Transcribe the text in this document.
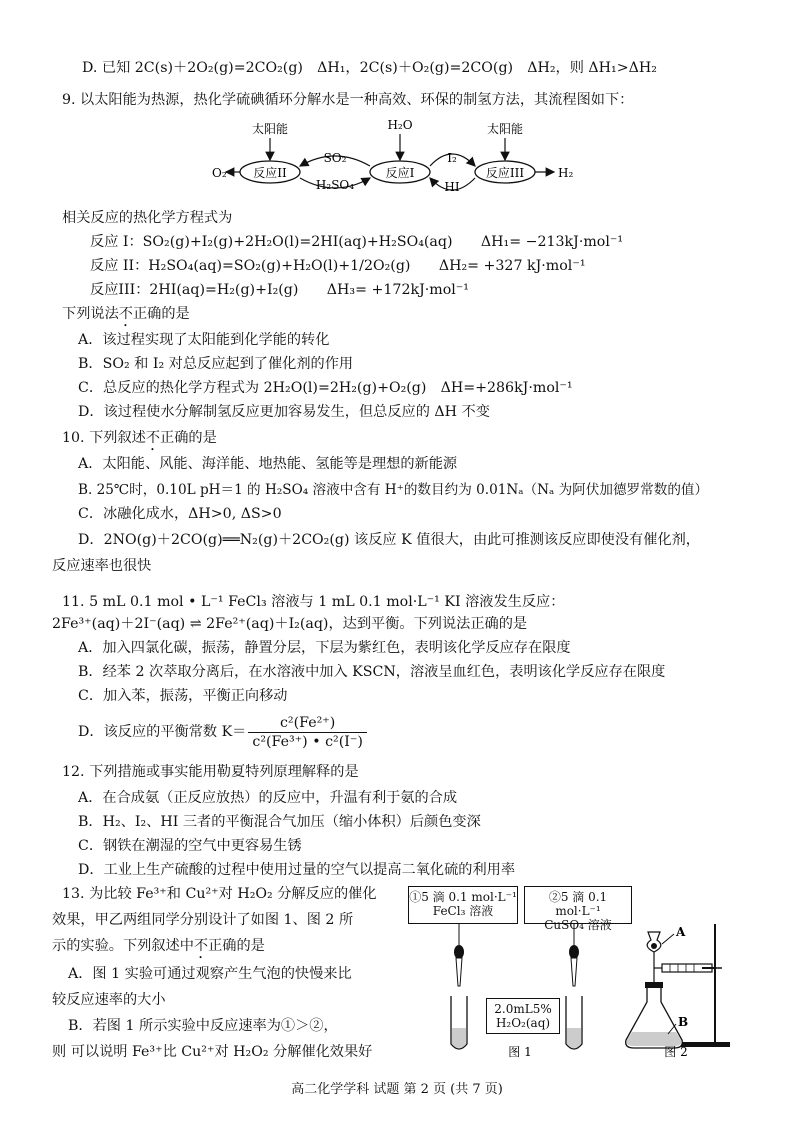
D. 已知 2C(s)＋2O₂(g)=2CO₂(g)　ΔH₁，2C(s)＋O₂(g)=2CO(g)　ΔH₂，则 ΔH₁>ΔH₂
9. 以太阳能为热源，热化学硫碘循环分解水是一种高效、环保的制氢方法，其流程图如下：
太阳能	H₂O	太阳能
反应II	反应I	反应III
O₂	H₂
SO₂
H₂SO₄
I₂
HI
相关反应的热化学方程式为
反应 I：SO₂(g)+I₂(g)+2H₂O(l)=2HI(aq)+H₂SO₄(aq)　　ΔH₁= −213kJ·mol⁻¹
反应 II：H₂SO₄(aq)=SO₂(g)+H₂O(l)+1/2O₂(g)　　ΔH₂= +327 kJ·mol⁻¹
反应III：2HI(aq)=H₂(g)+I₂(g)　　ΔH₃= +172kJ·mol⁻¹
下列说法不正确的是
A．该过程实现了太阳能到化学能的转化
B．SO₂ 和 I₂ 对总反应起到了催化剂的作用
C．总反应的热化学方程式为 2H₂O(l)=2H₂(g)+O₂(g)　ΔH=+286kJ·mol⁻¹
D．该过程使水分解制氢反应更加容易发生，但总反应的 ΔH 不变
10. 下列叙述不正确的是
A．太阳能、风能、海洋能、地热能、氢能等是理想的新能源
B. 25℃时，0.10L pH＝1 的 H₂SO₄ 溶液中含有 H⁺的数目约为 0.01Nₐ（Nₐ 为阿伏加德罗常数的值）
C．冰融化成水，ΔH>0, ΔS>0
D．2NO(g)＋2CO(g)══N₂(g)＋2CO₂(g) 该反应 K 值很大，由此可推测该反应即使没有催化剂，
反应速率也很快
11. 5 mL 0.1 mol • L⁻¹ FeCl₃ 溶液与 1 mL 0.1 mol·L⁻¹ KI 溶液发生反应：
2Fe³⁺(aq)＋2I⁻(aq) ⇌ 2Fe²⁺(aq)＋I₂(aq)，达到平衡。下列说法正确的是
A．加入四氯化碳，振荡，静置分层，下层为紫红色，表明该化学反应存在限度
B．经苯 2 次萃取分离后，在水溶液中加入 KSCN，溶液呈血红色，表明该化学反应存在限度
C．加入苯，振荡，平衡正向移动
D．该反应的平衡常数 $K= \frac{\text{c²(Fe²⁺)}}{\text{c²(Fe³⁺) • c²(I⁻)}}$
12. 下列措施或事实能用勒夏特列原理解释的是
A．在合成氨（正反应放热）的反应中，升温有利于氨的合成
B．H₂、I₂、HI 三者的平衡混合气加压（缩小体积）后颜色变深
C．钢铁在潮湿的空气中更容易生锈
D．工业上生产硫酸的过程中使用过量的空气以提高二氧化硫的利用率
13. 为比较 Fe³⁺和 Cu²⁺对 H₂O₂ 分解反应的催化
效果，甲乙两组同学分别设计了如图 1、图 2 所
示的实验。下列叙述中不正确的是
A．图 1 实验可通过观察产生气泡的快慢来比
较反应速率的大小
B．若图 1 所示实验中反应速率为①＞②，
则 可以说明 Fe³⁺比 Cu²⁺对 H₂O₂ 分解催化效果好
①5 滴 0.1 mol·L⁻¹
FeCl₃ 溶液
②5 滴 0.1 mol·L⁻¹
CuSO₄ 溶液
2.0mL5%
H₂O₂(aq)
图 1
A
B
图 2
高二化学学科 试题 第 2 页 (共 7 页)
